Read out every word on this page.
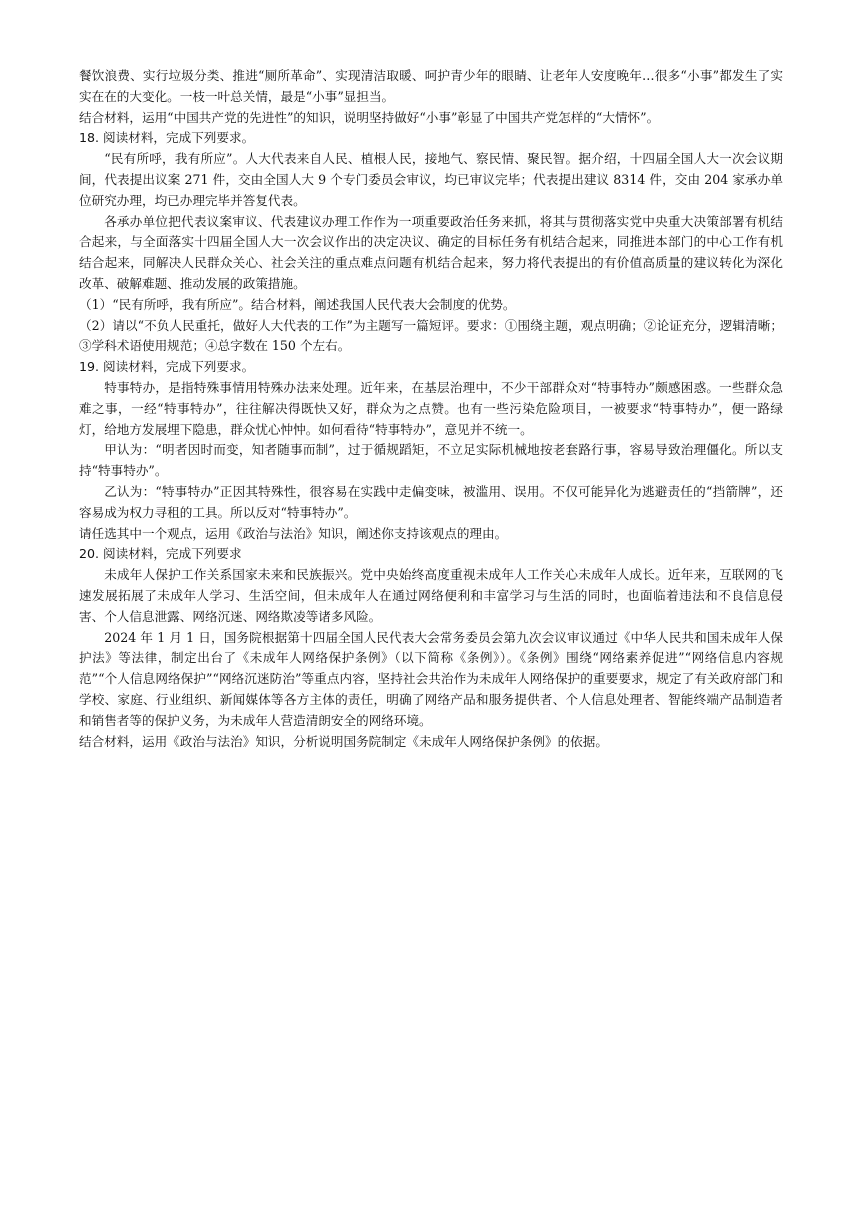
餐饮浪费、实行垃圾分类、推进“厕所革命”、实现清洁取暖、呵护青少年的眼睛、让老年人安度晚年…很多“小事”都发生了实实在在的大变化。一枝一叶总关情，最是“小事”显担当。

结合材料，运用“中国共产党的先进性”的知识，说明坚持做好“小事”彰显了中国共产党怎样的“大情怀”。

18. 阅读材料，完成下列要求。

“民有所呼，我有所应”。人大代表来自人民、植根人民，接地气、察民情、聚民智。据介绍，十四届全国人大一次会议期间，代表提出议案 271 件，交由全国人大 9 个专门委员会审议，均已审议完毕；代表提出建议 8314 件，交由 204 家承办单位研究办理，均已办理完毕并答复代表。

各承办单位把代表议案审议、代表建议办理工作作为一项重要政治任务来抓，将其与贯彻落实党中央重大决策部署有机结合起来，与全面落实十四届全国人大一次会议作出的决定决议、确定的目标任务有机结合起来，同推进本部门的中心工作有机结合起来，同解决人民群众关心、社会关注的重点难点问题有机结合起来，努力将代表提出的有价值高质量的建议转化为深化改革、破解难题、推动发展的政策措施。

（1）“民有所呼，我有所应”。结合材料，阐述我国人民代表大会制度的优势。

（2）请以“不负人民重托，做好人大代表的工作”为主题写一篇短评。要求：①围绕主题，观点明确；②论证充分，逻辑清晰；③学科术语使用规范；④总字数在 150 个左右。

19. 阅读材料，完成下列要求。

特事特办，是指特殊事情用特殊办法来处理。近年来，在基层治理中，不少干部群众对“特事特办”颇感困惑。一些群众急难之事，一经“特事特办”，往往解决得既快又好，群众为之点赞。也有一些污染危险项目，一被要求“特事特办”，便一路绿灯，给地方发展埋下隐患，群众忧心忡忡。如何看待“特事特办”，意见并不统一。

甲认为：“明者因时而变，知者随事而制”，过于循规蹈矩，不立足实际机械地按老套路行事，容易导致治理僵化。所以支持“特事特办”。

乙认为：“特事特办”正因其特殊性，很容易在实践中走偏变味，被滥用、误用。不仅可能异化为逃避责任的“挡箭牌”，还容易成为权力寻租的工具。所以反对“特事特办”。

请任选其中一个观点，运用《政治与法治》知识，阐述你支持该观点的理由。

20. 阅读材料，完成下列要求

未成年人保护工作关系国家未来和民族振兴。党中央始终高度重视未成年人工作关心未成年人成长。近年来，互联网的飞速发展拓展了未成年人学习、生活空间，但未成年人在通过网络便利和丰富学习与生活的同时，也面临着违法和不良信息侵害、个人信息泄露、网络沉迷、网络欺凌等诸多风险。

2024 年 1 月 1 日，国务院根据第十四届全国人民代表大会常务委员会第九次会议审议通过《中华人民共和国未成年人保护法》等法律，制定出台了《未成年人网络保护条例》（以下简称《条例》）。《条例》围绕“网络素养促进”“网络信息内容规范”“个人信息网络保护”“网络沉迷防治”等重点内容，坚持社会共治作为未成年人网络保护的重要要求，规定了有关政府部门和学校、家庭、行业组织、新闻媒体等各方主体的责任，明确了网络产品和服务提供者、个人信息处理者、智能终端产品制造者和销售者等的保护义务，为未成年人营造清朗安全的网络环境。

结合材料，运用《政治与法治》知识，分析说明国务院制定《未成年人网络保护条例》的依据。
